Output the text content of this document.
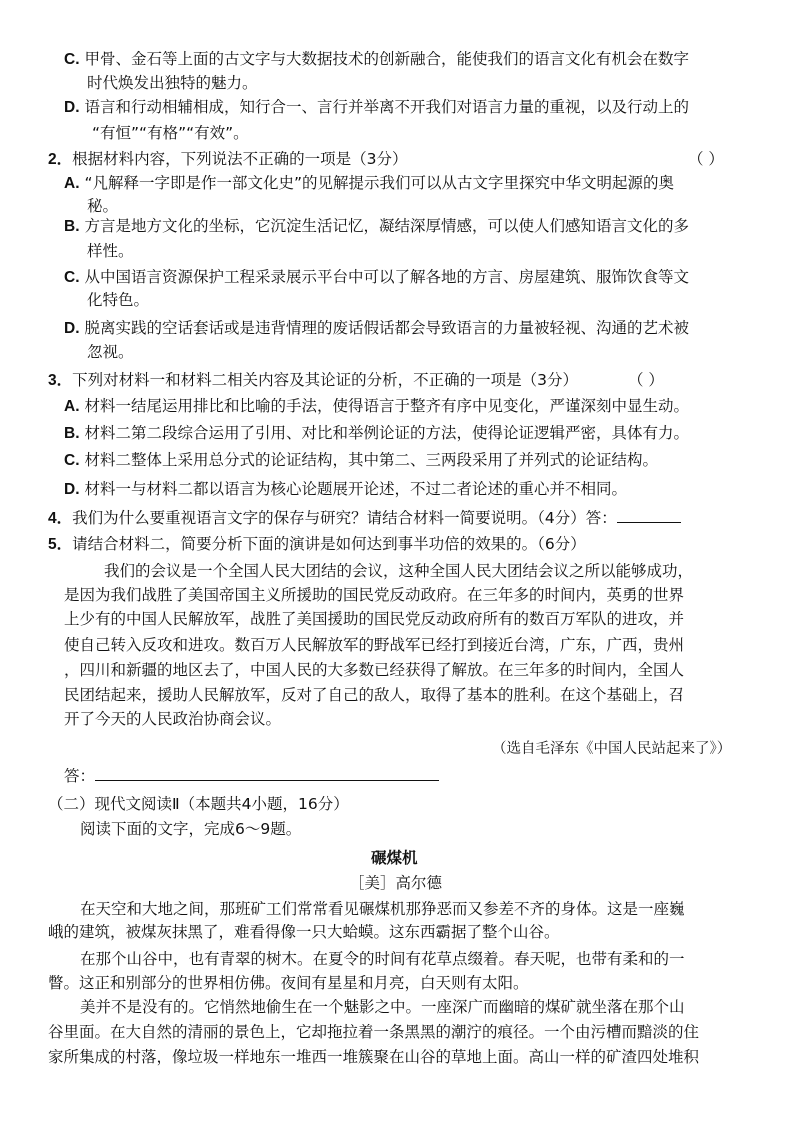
C. 甲骨、金石等上面的古文字与大数据技术的创新融合，能使我们的语言文化有机会在数字
时代焕发出独特的魅力。
D. 语言和行动相辅相成，知行合一、言行并举离不开我们对语言力量的重视，以及行动上的
“有恒”“有格”“有效”。
2．根据材料内容，下列说法不正确的一项是（3分）	（ ）
A. “凡解释一字即是作一部文化史”的见解提示我们可以从古文字里探究中华文明起源的奥
秘。
B. 方言是地方文化的坐标，它沉淀生活记忆，凝结深厚情感，可以使人们感知语言文化的多
样性。
C. 从中国语言资源保护工程采录展示平台中可以了解各地的方言、房屋建筑、服饰饮食等文
化特色。
D. 脱离实践的空话套话或是违背情理的废话假话都会导致语言的力量被轻视、沟通的艺术被
忽视。
3．下列对材料一和材料二相关内容及其论证的分析，不正确的一项是（3分）	（ ）
A. 材料一结尾运用排比和比喻的手法，使得语言于整齐有序中见变化，严谨深刻中显生动。
B. 材料二第二段综合运用了引用、对比和举例论证的方法，使得论证逻辑严密，具体有力。
C. 材料二整体上采用总分式的论证结构，其中第二、三两段采用了并列式的论证结构。
D. 材料一与材料二都以语言为核心论题展开论述，不过二者论述的重心并不相同。
4．我们为什么要重视语言文字的保存与研究？请结合材料一简要说明。（4分）答：
5．请结合材料二，简要分析下面的演讲是如何达到事半功倍的效果的。（6分）
我们的会议是一个全国人民大团结的会议，这种全国人民大团结会议之所以能够成功，
是因为我们战胜了美国帝国主义所援助的国民党反动政府。在三年多的时间内，英勇的世界
上少有的中国人民解放军，战胜了美国援助的国民党反动政府所有的数百万军队的进攻，并
使自己转入反攻和进攻。数百万人民解放军的野战军已经打到接近台湾，广东，广西，贵州
，四川和新疆的地区去了，中国人民的大多数已经获得了解放。在三年多的时间内，全国人
民团结起来，援助人民解放军，反对了自己的敌人，取得了基本的胜利。在这个基础上，召
开了今天的人民政治协商会议。
（选自毛泽东《中国人民站起来了》）
答：
（二）现代文阅读Ⅱ（本题共4小题，16分）
阅读下面的文字，完成6～9题。
碾煤机
［美］高尔德
在天空和大地之间，那班矿工们常常看见碾煤机那狰恶而又参差不齐的身体。这是一座巍
峨的建筑，被煤灰抹黑了，难看得像一只大蛤蟆。这东西霸据了整个山谷。
在那个山谷中，也有青翠的树木。在夏令的时间有花草点缀着。春天呢，也带有柔和的一
瞥。这正和别部分的世界相仿佛。夜间有星星和月亮，白天则有太阳。
美并不是没有的。它悄然地偷生在一个魅影之中。一座深广而幽暗的煤矿就坐落在那个山
谷里面。在大自然的清丽的景色上，它却拖拉着一条黑黑的潮泞的痕径。一个由污槽而黯淡的住
家所集成的村落，像垃圾一样地东一堆西一堆簇聚在山谷的草地上面。高山一样的矿渣四处堆积
